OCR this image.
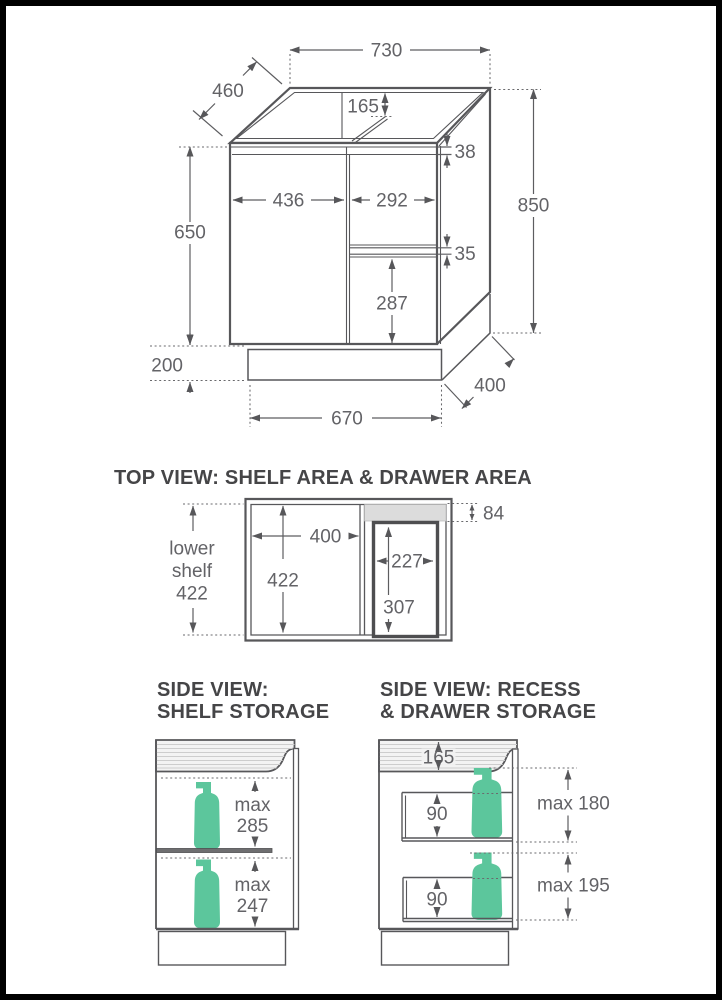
730
460
165
38
436	292	850
650
200
35
287
400
670
TOP VIEW: SHELF AREA & DRAWER AREA
400
422
84
227
307
lower
shelf
422
SIDE VIEW:
SHELF STORAGE
max
285
max
247
SIDE VIEW: RECESS
& DRAWER STORAGE
165
90
90
max 180
max 195
